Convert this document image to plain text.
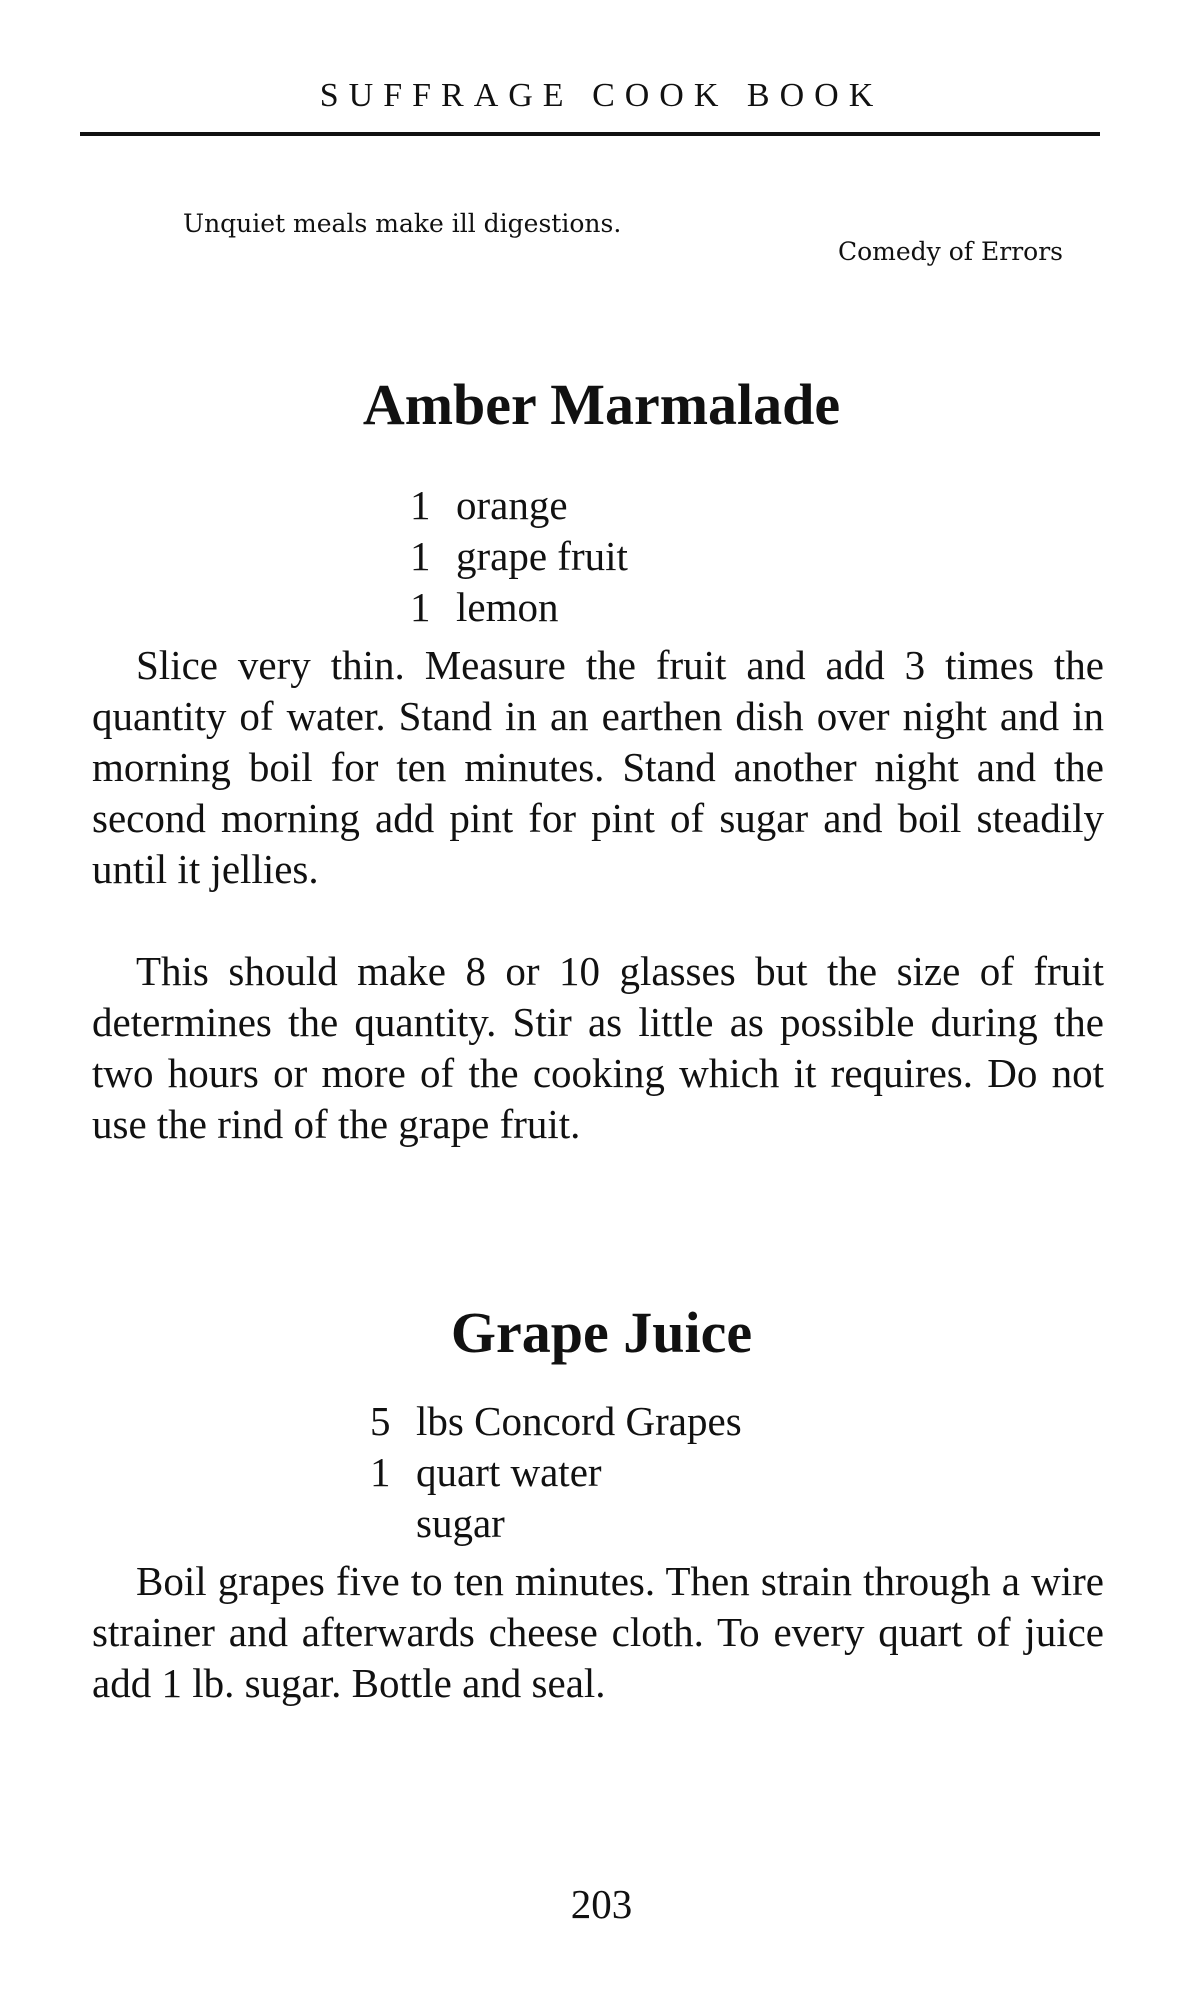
SUFFRAGE COOK BOOK
Unquiet meals make ill digestions.
Comedy of Errors
Amber Marmalade
1 orange
1 grape fruit
1 lemon

Slice very thin. Measure the fruit and add 3 times the quantity of water. Stand in an earthen dish over night and in morning boil for ten minutes. Stand another night and the second morning add pint for pint of sugar and boil steadily until it jellies.

This should make 8 or 10 glasses but the size of fruit determines the quantity. Stir as little as possible during the two hours or more of the cooking which it requires. Do not use the rind of the grape fruit.

Grape Juice
5 lbs Concord Grapes
1 quart water
sugar

Boil grapes five to ten minutes. Then strain through a wire strainer and afterwards cheese cloth. To every quart of juice add 1 lb. sugar. Bottle and seal.

203
